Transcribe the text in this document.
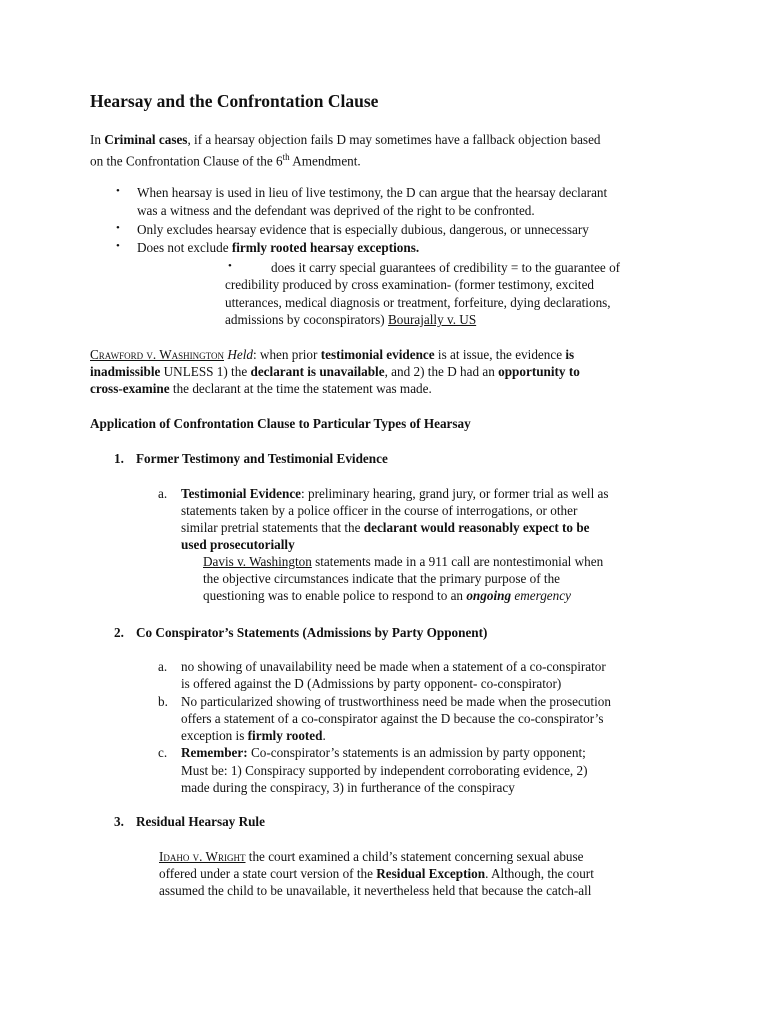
Hearsay and the Confrontation Clause
In Criminal cases, if a hearsay objection fails D may sometimes have a fallback objection based
on the Confrontation Clause of the 6th Amendment.
• When hearsay is used in lieu of live testimony, the D can argue that the hearsay declarant
was a witness and the defendant was deprived of the right to be confronted.
• Only excludes hearsay evidence that is especially dubious, dangerous, or unnecessary
• Does not exclude firmly rooted hearsay exceptions.
•	does it carry special guarantees of credibility = to the guarantee of
credibility produced by cross examination- (former testimony, excited
utterances, medical diagnosis or treatment, forfeiture, dying declarations,
admissions by coconspirators) Bourajally v. US
Crawford v. Washington Held: when prior testimonial evidence is at issue, the evidence is
inadmissible UNLESS 1) the declarant is unavailable, and 2) the D had an opportunity to
cross-examine the declarant at the time the statement was made.
Application of Confrontation Clause to Particular Types of Hearsay
1. Former Testimony and Testimonial Evidence
a. Testimonial Evidence: preliminary hearing, grand jury, or former trial as well as
statements taken by a police officer in the course of interrogations, or other
similar pretrial statements that the declarant would reasonably expect to be
used prosecutorially
Davis v. Washington statements made in a 911 call are nontestimonial when
the objective circumstances indicate that the primary purpose of the
questioning was to enable police to respond to an ongoing emergency
2. Co Conspirator’s Statements (Admissions by Party Opponent)
a. no showing of unavailability need be made when a statement of a co-conspirator
is offered against the D (Admissions by party opponent- co-conspirator)
b. No particularized showing of trustworthiness need be made when the prosecution
offers a statement of a co-conspirator against the D because the co-conspirator’s
exception is firmly rooted.
c. Remember: Co-conspirator’s statements is an admission by party opponent;
Must be: 1) Conspiracy supported by independent corroborating evidence, 2)
made during the conspiracy, 3) in furtherance of the conspiracy
3. Residual Hearsay Rule
Idaho v. Wright the court examined a child’s statement concerning sexual abuse
offered under a state court version of the Residual Exception. Although, the court
assumed the child to be unavailable, it nevertheless held that because the catch-all
